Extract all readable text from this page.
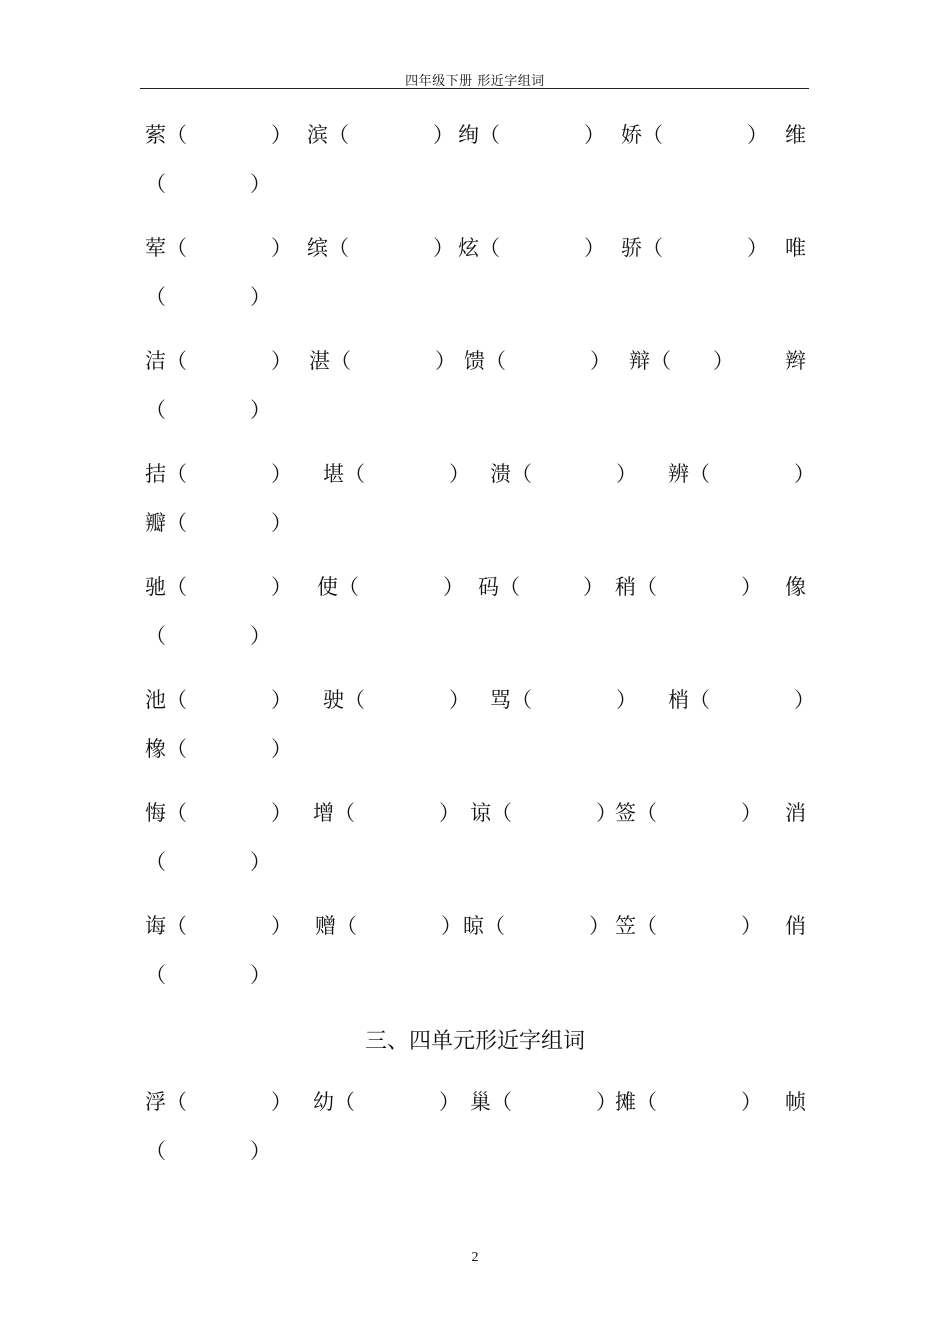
四年级下册 形近字组词
萦（　　　　） 滨（　　　　） 绚（　　　　） 娇（　　　　） 维
（　　　　）
荤（　　　　） 缤（　　　　） 炫（　　　　） 骄（　　　　） 唯
（　　　　）
洁（　　　　） 湛（　　　　） 馈（　　　　） 辩（　　） 辫
（　　　　）
拮（　　　　） 堪（　　　　） 溃（　　　　） 辨（　　　　）
瓣（　　　　）
驰（　　　　） 使（　　　　） 码（　　　） 稍（　　　　） 像
（　　　　）
池（　　　　） 驶（　　　　） 骂（　　　　） 梢（　　　　）
橡（　　　　）
悔（　　　　） 增（　　　　） 谅（　　　　）
签（　　　　） 消
（　　　　）
诲（　　　　） 赠（　　　　） 晾（　　　　） 笠（　　　　） 俏
（　　　　）
三、四单元形近字组词
浮（　　　　） 幼（　　　　） 巢（　　　　）
摊（　　　　） 帧
（　　　　）
2
